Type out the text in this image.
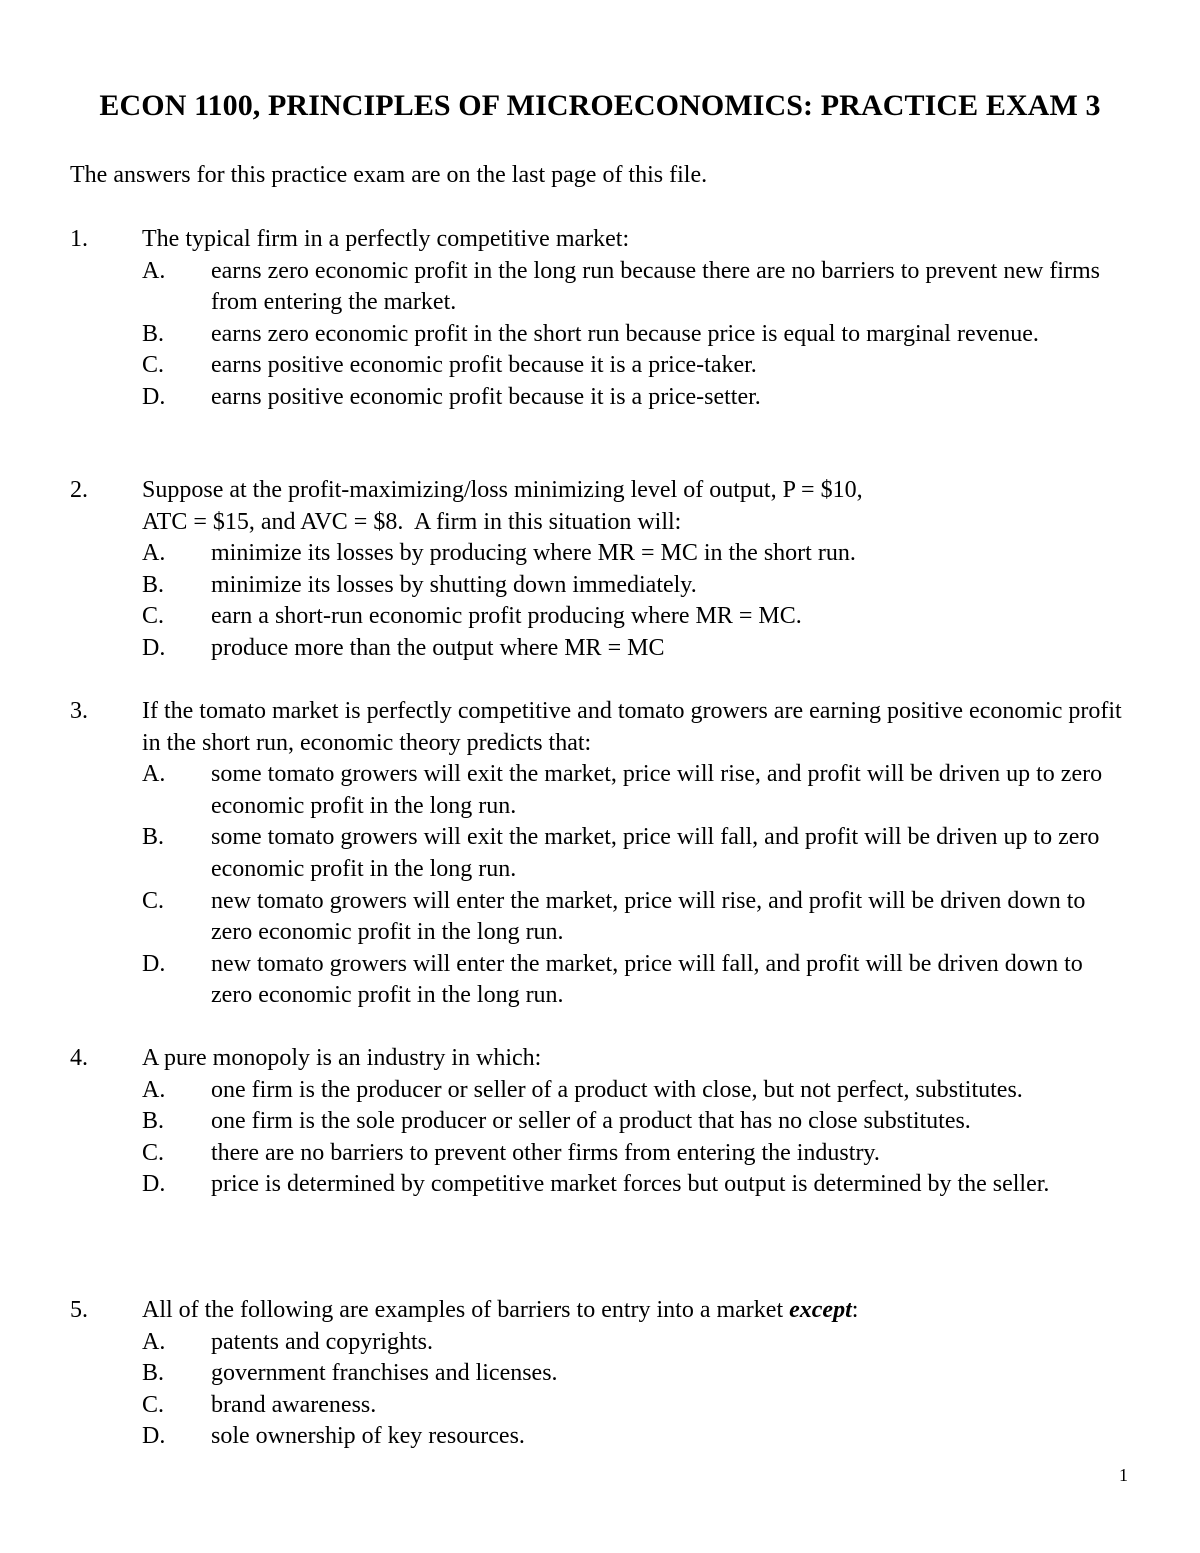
ECON 1100, PRINCIPLES OF MICROECONOMICS: PRACTICE EXAM 3
The answers for this practice exam are on the last page of this file.
1.	The typical firm in a perfectly competitive market:
A.	earns zero economic profit in the long run because there are no barriers to prevent new firms from entering the market.
B.	earns zero economic profit in the short run because price is equal to marginal revenue.
C.	earns positive economic profit because it is a price-taker.
D.	earns positive economic profit because it is a price-setter.
2.	Suppose at the profit-maximizing/loss minimizing level of output, P = $10,
ATC = $15, and AVC = $8.  A firm in this situation will:
A.	minimize its losses by producing where MR = MC in the short run.
B.	minimize its losses by shutting down immediately.
C.	earn a short-run economic profit producing where MR = MC.
D.	produce more than the output where MR = MC
3.	If the tomato market is perfectly competitive and tomato growers are earning positive economic profit in the short run, economic theory predicts that:
A.	some tomato growers will exit the market, price will rise, and profit will be driven up to zero economic profit in the long run.
B.	some tomato growers will exit the market, price will fall, and profit will be driven up to zero economic profit in the long run.
C.	new tomato growers will enter the market, price will rise, and profit will be driven down to zero economic profit in the long run.
D.	new tomato growers will enter the market, price will fall, and profit will be driven down to zero economic profit in the long run.
4.	A pure monopoly is an industry in which:
A.	one firm is the producer or seller of a product with close, but not perfect, substitutes.
B.	one firm is the sole producer or seller of a product that has no close substitutes.
C.	there are no barriers to prevent other firms from entering the industry.
D.	price is determined by competitive market forces but output is determined by the seller.
5.	All of the following are examples of barriers to entry into a market except:
A.	patents and copyrights.
B.	government franchises and licenses.
C.	brand awareness.
D.	sole ownership of key resources.
1
